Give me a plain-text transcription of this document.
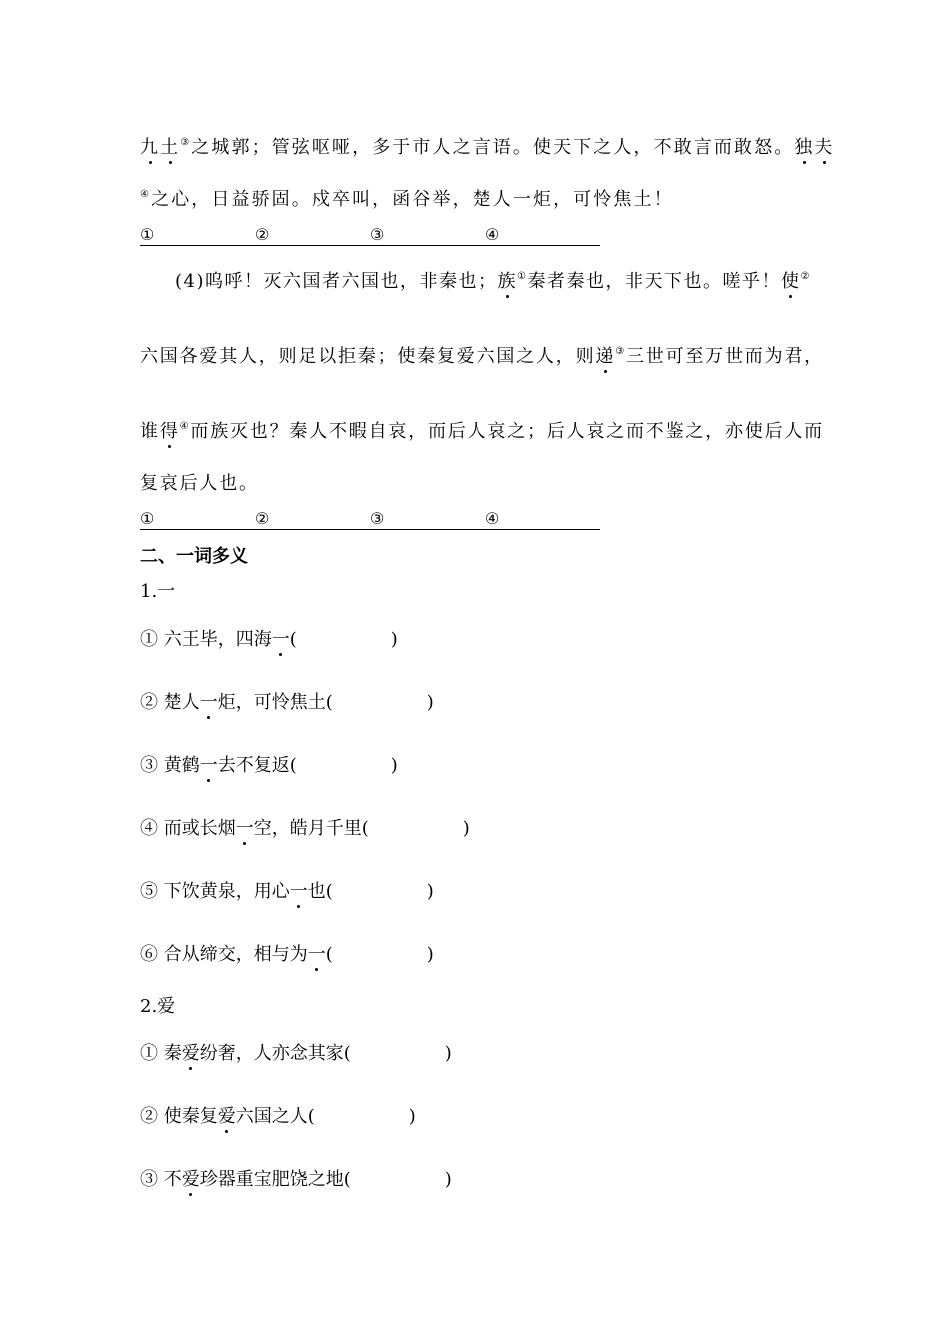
九土③之城郭；管弦呕哑，多于市人之言语。使天下之人，不敢言而敢怒。独夫
④之心，日益骄固。戍卒叫，函谷举，楚人一炬，可怜焦土！
①	②	③	④
(4)呜呼！灭六国者六国也，非秦也；族①秦者秦也，非天下也。嗟乎！使②
六国各爱其人，则足以拒秦；使秦复爱六国之人，则递③三世可至万世而为君，
谁得④而族灭也？秦人不暇自哀，而后人哀之；后人哀之而不鉴之，亦使后人而
复哀后人也。
①	②	③	④
二、一词多义
1.一
① 六王毕，四海一(	)
② 楚人一炬，可怜焦土(	)
③ 黄鹤一去不复返(	)
④ 而或长烟一空，皓月千里(	)
⑤ 下饮黄泉，用心一也(	)
⑥ 合从缔交，相与为一(	)
2.爱
① 秦爱纷奢，人亦念其家(	)
② 使秦复爱六国之人(	)
③ 不爱珍器重宝肥饶之地(	)
